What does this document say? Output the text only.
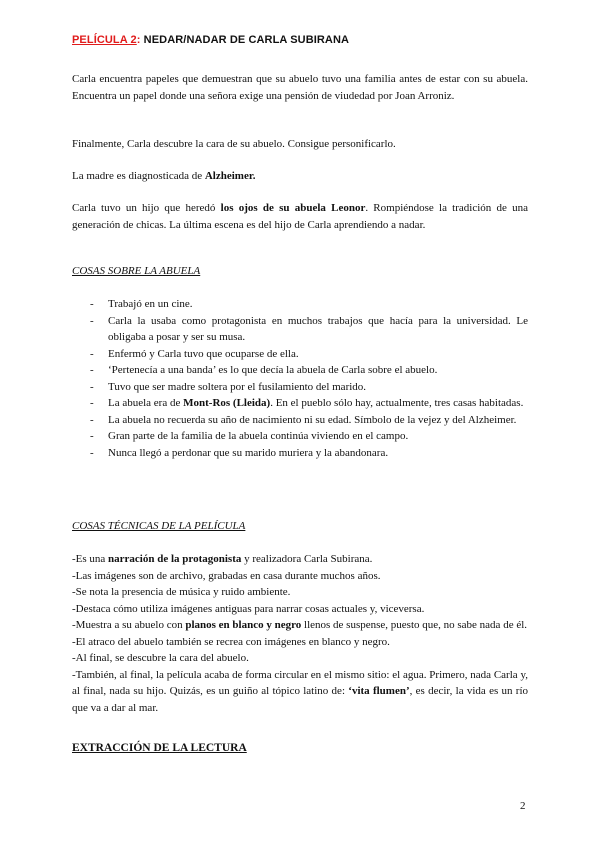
PELÍCULA 2: NEDAR/NADAR DE CARLA SUBIRANA

Carla encuentra papeles que demuestran que su abuelo tuvo una familia antes de estar con su abuela. Encuentra un papel donde una señora exige una pensión de viudedad por Joan Arroniz.

Finalmente, Carla descubre la cara de su abuelo. Consigue personificarlo.

La madre es diagnosticada de Alzheimer.

Carla tuvo un hijo que heredó los ojos de su abuela Leonor. Rompiéndose la tradición de una generación de chicas. La última escena es del hijo de Carla aprendiendo a nadar.

COSAS SOBRE LA ABUELA
- Trabajó en un cine.
- Carla la usaba como protagonista en muchos trabajos que hacía para la universidad. Le obligaba a posar y ser su musa.
- Enfermó y Carla tuvo que ocuparse de ella.
- ‘Pertenecía a una banda’ es lo que decía la abuela de Carla sobre el abuelo.
- Tuvo que ser madre soltera por el fusilamiento del marido.
- La abuela era de Mont-Ros (Lleida). En el pueblo sólo hay, actualmente, tres casas habitadas.
- La abuela no recuerda su año de nacimiento ni su edad. Símbolo de la vejez y del Alzheimer.
- Gran parte de la familia de la abuela continúa viviendo en el campo.
- Nunca llegó a perdonar que su marido muriera y la abandonara.
COSAS TÉCNICAS DE LA PELÍCULA

-Es una narración de la protagonista y realizadora Carla Subirana.

-Las imágenes son de archivo, grabadas en casa durante muchos años.

-Se nota la presencia de música y ruido ambiente.

-Destaca cómo utiliza imágenes antiguas para narrar cosas actuales y, viceversa.

-Muestra a su abuelo con planos en blanco y negro llenos de suspense, puesto que, no sabe nada de él.

-El atraco del abuelo también se recrea con imágenes en blanco y negro.

-Al final, se descubre la cara del abuelo.

-También, al final, la película acaba de forma circular en el mismo sitio: el agua. Primero, nada Carla y, al final, nada su hijo. Quizás, es un guiño al tópico latino de: ‘vita flumen’, es decir, la vida es un río que va a dar al mar.

EXTRACCIÓN DE LA LECTURA
2
